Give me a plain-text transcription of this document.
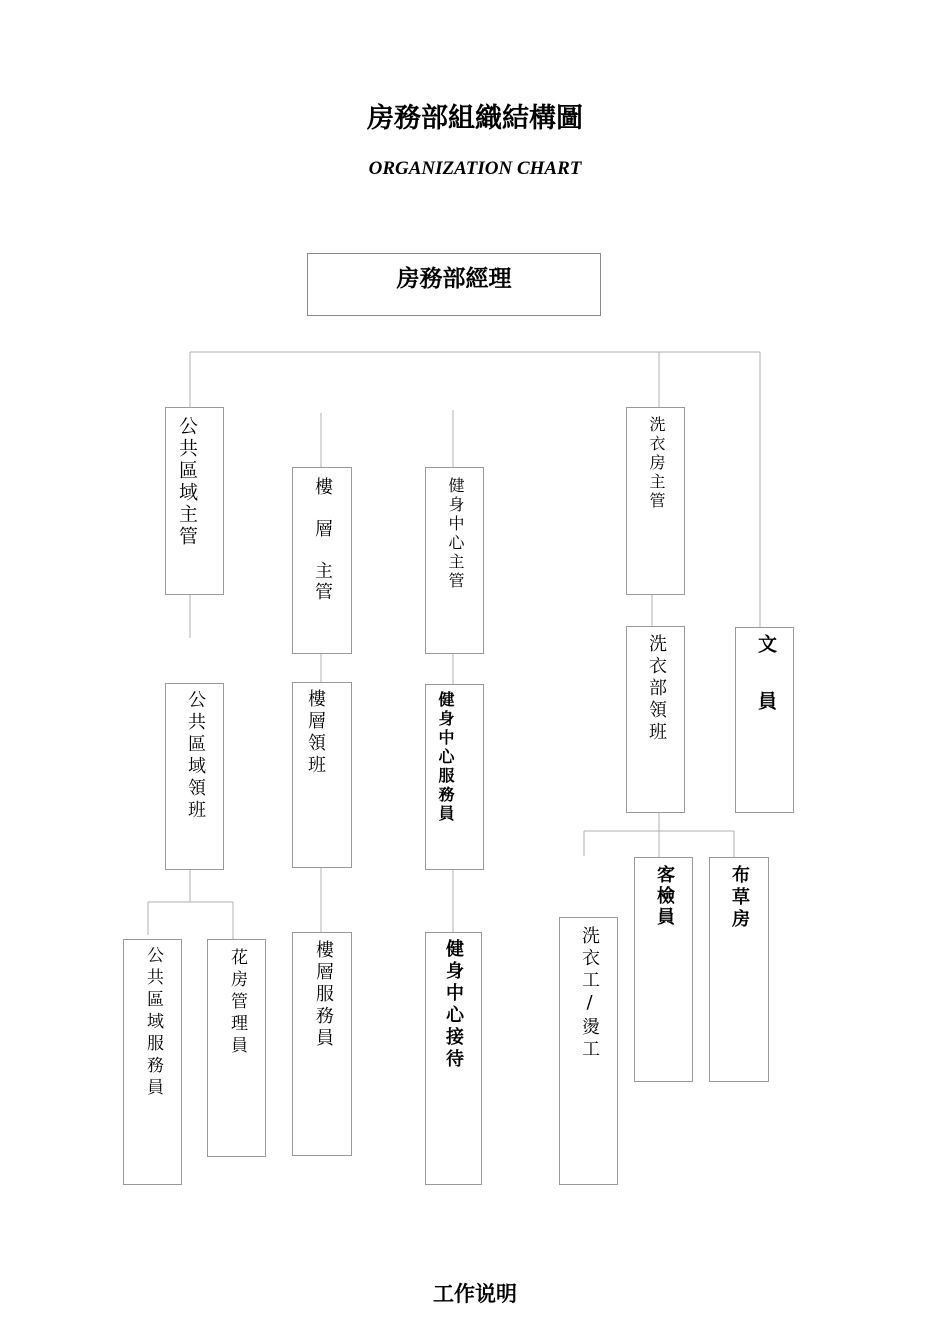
房務部組織結構圖
ORGANIZATION CHART
房務部經理
公共區域主管	樓　層　主管	健身中心主管
洗衣房主管
公共區域領班	樓層領班	健身中心服務員
洗衣部領班	文　　員
公共區域服務員	花房管理員	樓層服務員	健身中心接待	洗衣工/燙工
客檢員	布草房
工作说明
